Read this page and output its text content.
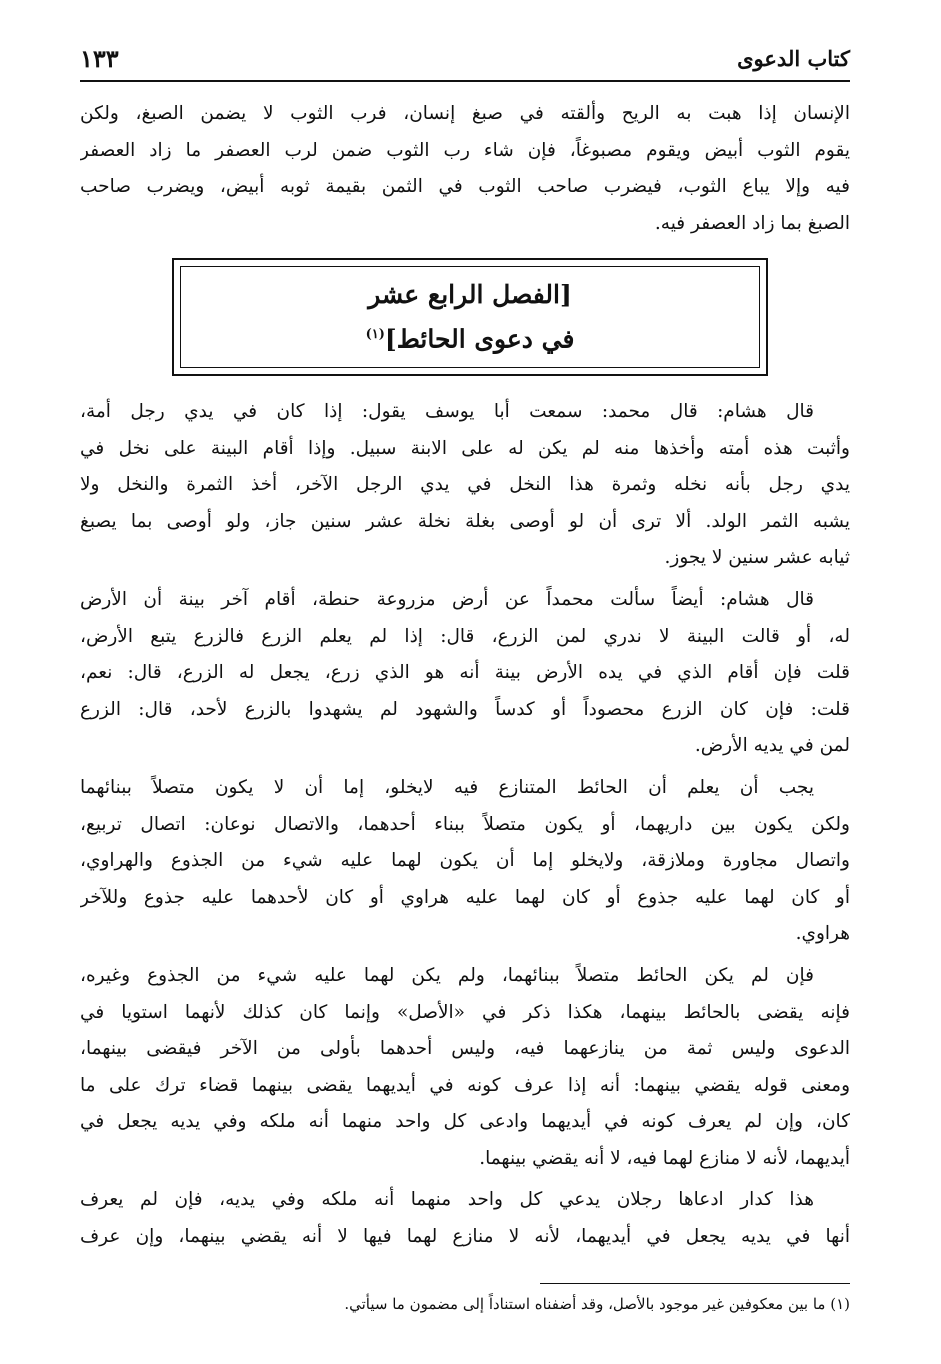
كتاب الدعوى
١٣٣
الإنسان إذا هبت به الريح وألقته في صبغ إنسان، فرب الثوب لا يضمن الصبغ، ولكن
يقوم الثوب أبيض ويقوم مصبوغاً، فإن شاء رب الثوب ضمن لرب العصفر ما زاد العصفر
فيه وإلا يباع الثوب، فيضرب صاحب الثوب في الثمن بقيمة ثوبه أبيض، ويضرب صاحب
الصبغ بما زاد العصفر فيه.
[الفصل الرابع عشر
في دعوى الحائط]$^{(١)}$
قال هشام: قال محمد: سمعت أبا يوسف يقول: إذا كان في يدي رجل أمة،
وأثبت هذه أمته وأخذها منه لم يكن له على الابنة سبيل. وإذا أقام البينة على نخل في
يدي رجل بأنه نخله وثمرة هذا النخل في يدي الرجل الآخر، أخذ الثمرة والنخل ولا
يشبه الثمر الولد. ألا ترى أن لو أوصى بغلة نخلة عشر سنين جاز، ولو أوصى بما يصبغ
ثيابه عشر سنين لا يجوز.
قال هشام: أيضاً سألت محمداً عن أرض مزروعة حنطة، أقام آخر بينة أن الأرض
له، أو قالت البينة لا ندري لمن الزرع، قال: إذا لم يعلم الزرع فالزرع يتبع الأرض،
قلت فإن أقام الذي في يده الأرض بينة أنه هو الذي زرع، يجعل له الزرع، قال: نعم،
قلت: فإن كان الزرع محصوداً أو كدساً والشهود لم يشهدوا بالزرع لأحد، قال: الزرع
لمن في يديه الأرض.
يجب أن يعلم أن الحائط المتنازع فيه لايخلو، إما أن لا يكون متصلاً ببنائهما
ولكن يكون بين داريهما، أو يكون متصلاً ببناء أحدهما، والاتصال نوعان: اتصال تربيع،
واتصال مجاورة وملازقة، ولايخلو إما أن يكون لهما عليه شيء من الجذوع والهراوي،
أو كان لهما عليه جذوع أو كان لهما عليه هراوي أو كان لأحدهما عليه جذوع وللآخر
هراوي.
فإن لم يكن الحائط متصلاً ببنائهما، ولم يكن لهما عليه شيء من الجذوع وغيره،
فإنه يقضى بالحائط بينهما، هكذا ذكر في «الأصل» وإنما كان كذلك لأنهما استويا في
الدعوى وليس ثمة من ينازعهما فيه، وليس أحدهما بأولى من الآخر فيقضى بينهما،
ومعنى قوله يقضي بينهما: أنه إذا عرف كونه في أيديهما يقضى بينهما قضاء ترك على ما
كان، وإن لم يعرف كونه في أيديهما وادعى كل واحد منهما أنه ملكه وفي يديه يجعل في
أيديهما، لأنه لا منازع لهما فيه، لا أنه يقضي بينهما.
هذا كدار ادعاها رجلان يدعي كل واحد منهما أنه ملكه وفي يديه، فإن لم يعرف
أنها في يديه يجعل في أيديهما، لأنه لا منازع لهما فيها لا أنه يقضي بينهما، وإن عرف
(١) ما بين معكوفين غير موجود بالأصل، وقد أضفناه استناداً إلى مضمون ما سيأتي.
